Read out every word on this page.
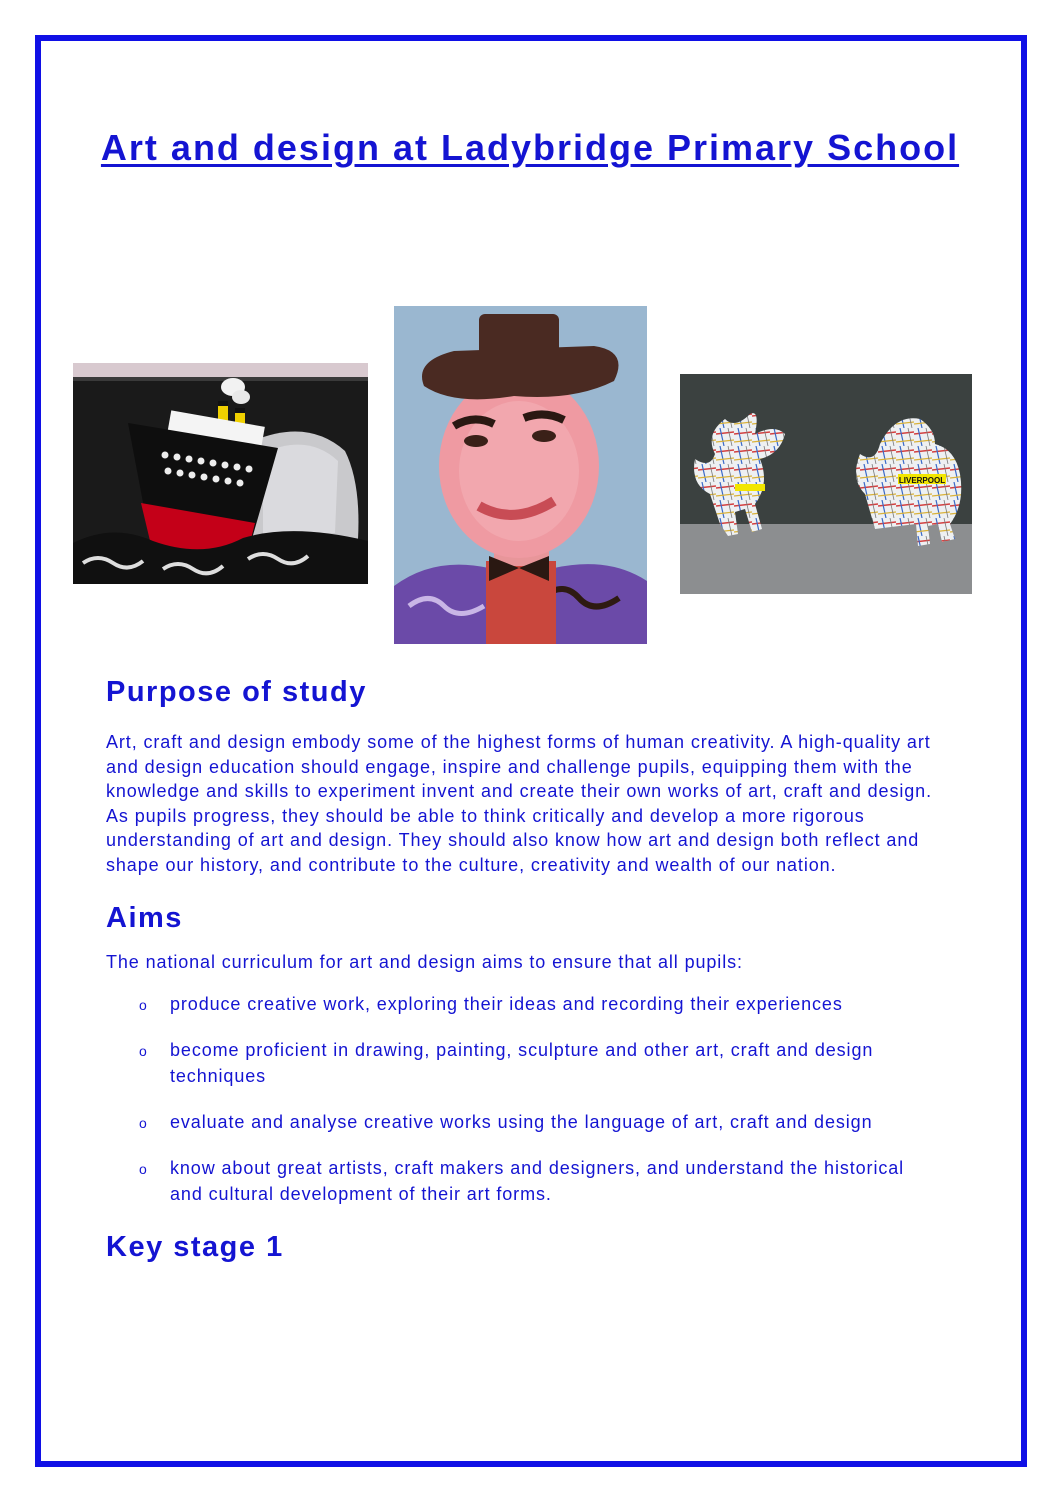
Art and design at Ladybridge Primary School
LIVERPOOL
Purpose of study

Art, craft and design embody some of the highest forms of human creativity. A high-quality art and design education should engage, inspire and challenge pupils, equipping them with the knowledge and skills to experiment invent and create their own works of art, craft and design. As pupils progress, they should be able to think critically and develop a more rigorous understanding of art and design. They should also know how art and design both reflect and shape our history, and contribute to the culture, creativity and wealth of our nation.

Aims

The national curriculum for art and design aims to ensure that all pupils:

o produce creative work, exploring their ideas and recording their experiences
o become proficient in drawing, painting, sculpture and other art, craft and design techniques
o evaluate and analyse creative works using the language of art, craft and design
o know about great artists, craft makers and designers, and understand the historical and cultural development of their art forms.
Key stage 1
